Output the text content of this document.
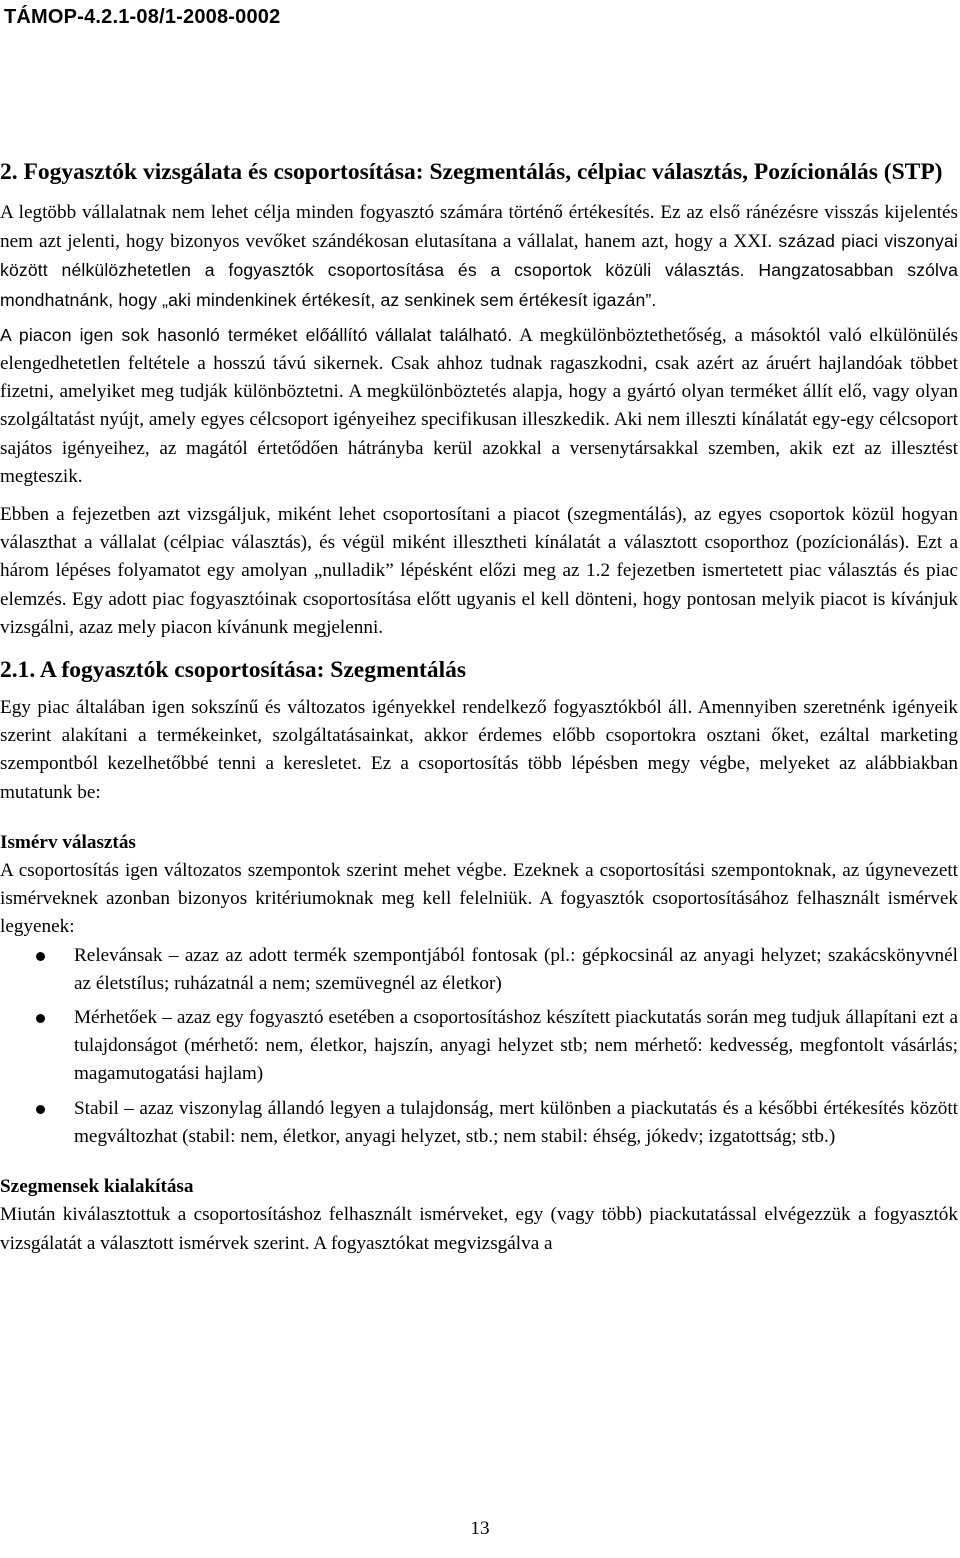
TÁMOP-4.2.1-08/1-2008-0002

2. Fogyasztók vizsgálata és csoportosítása: Szegmentálás, célpiac választás, Pozícionálás (STP)

A legtöbb vállalatnak nem lehet célja minden fogyasztó számára történő értékesítés. Ez az első ránézésre visszás kijelentés nem azt jelenti, hogy bizonyos vevőket szándékosan elutasítana a vállalat, hanem azt, hogy a XXI. század piaci viszonyai között nélkülözhetetlen a fogyasztók csoportosítása és a csoportok közüli választás. Hangzatosabban szólva mondhatnánk, hogy „aki mindenkinek értékesít, az senkinek sem értékesít igazán”.

A piacon igen sok hasonló terméket előállító vállalat található. A megkülönböztethetőség, a másoktól való elkülönülés elengedhetetlen feltétele a hosszú távú sikernek. Csak ahhoz tudnak ragaszkodni, csak azért az áruért hajlandóak többet fizetni, amelyiket meg tudják különböztetni. A megkülönböztetés alapja, hogy a gyártó olyan terméket állít elő, vagy olyan szolgáltatást nyújt, amely egyes célcsoport igényeihez specifikusan illeszkedik. Aki nem illeszti kínálatát egy-egy célcsoport sajátos igényeihez, az magától értetődően hátrányba kerül azokkal a versenytársakkal szemben, akik ezt az illesztést megteszik.

Ebben a fejezetben azt vizsgáljuk, miként lehet csoportosítani a piacot (szegmentálás), az egyes csoportok közül hogyan választhat a vállalat (célpiac választás), és végül miként illesztheti kínálatát a választott csoporthoz (pozícionálás). Ezt a három lépéses folyamatot egy amolyan „nulladik” lépésként előzi meg az 1.2 fejezetben ismertetett piac választás és piac elemzés. Egy adott piac fogyasztóinak csoportosítása előtt ugyanis el kell dönteni, hogy pontosan melyik piacot is kívánjuk vizsgálni, azaz mely piacon kívánunk megjelenni.

2.1. A fogyasztók csoportosítása: Szegmentálás

Egy piac általában igen sokszínű és változatos igényekkel rendelkező fogyasztókból áll. Amennyiben szeretnénk igényeik szerint alakítani a termékeinket, szolgáltatásainkat, akkor érdemes előbb csoportokra osztani őket, ezáltal marketing szempontból kezelhetőbbé tenni a keresletet. Ez a csoportosítás több lépésben megy végbe, melyeket az alábbiakban mutatunk be:

Ismérv választás

A csoportosítás igen változatos szempontok szerint mehet végbe. Ezeknek a csoportosítási szempontoknak, az úgynevezett ismérveknek azonban bizonyos kritériumoknak meg kell felelniük. A fogyasztók csoportosításához felhasznált ismérvek legyenek:

Relevánsak – azaz az adott termék szempontjából fontosak (pl.: gépkocsinál az anyagi helyzet; szakácskönyvnél az életstílus; ruházatnál a nem; szemüvegnél az életkor)
Mérhetőek – azaz egy fogyasztó esetében a csoportosításhoz készített piackutatás során meg tudjuk állapítani ezt a tulajdonságot (mérhető: nem, életkor, hajszín, anyagi helyzet stb; nem mérhető: kedvesség, megfontolt vásárlás; magamutogatási hajlam)
Stabil – azaz viszonylag állandó legyen a tulajdonság, mert különben a piackutatás és a későbbi értékesítés között megváltozhat (stabil: nem, életkor, anyagi helyzet, stb.; nem stabil: éhség, jókedv; izgatottság; stb.)

Szegmensek kialakítása

Miután kiválasztottuk a csoportosításhoz felhasznált ismérveket, egy (vagy több) piackutatással elvégezzük a fogyasztók vizsgálatát a választott ismérvek szerint. A fogyasztókat megvizsgálva a

13
